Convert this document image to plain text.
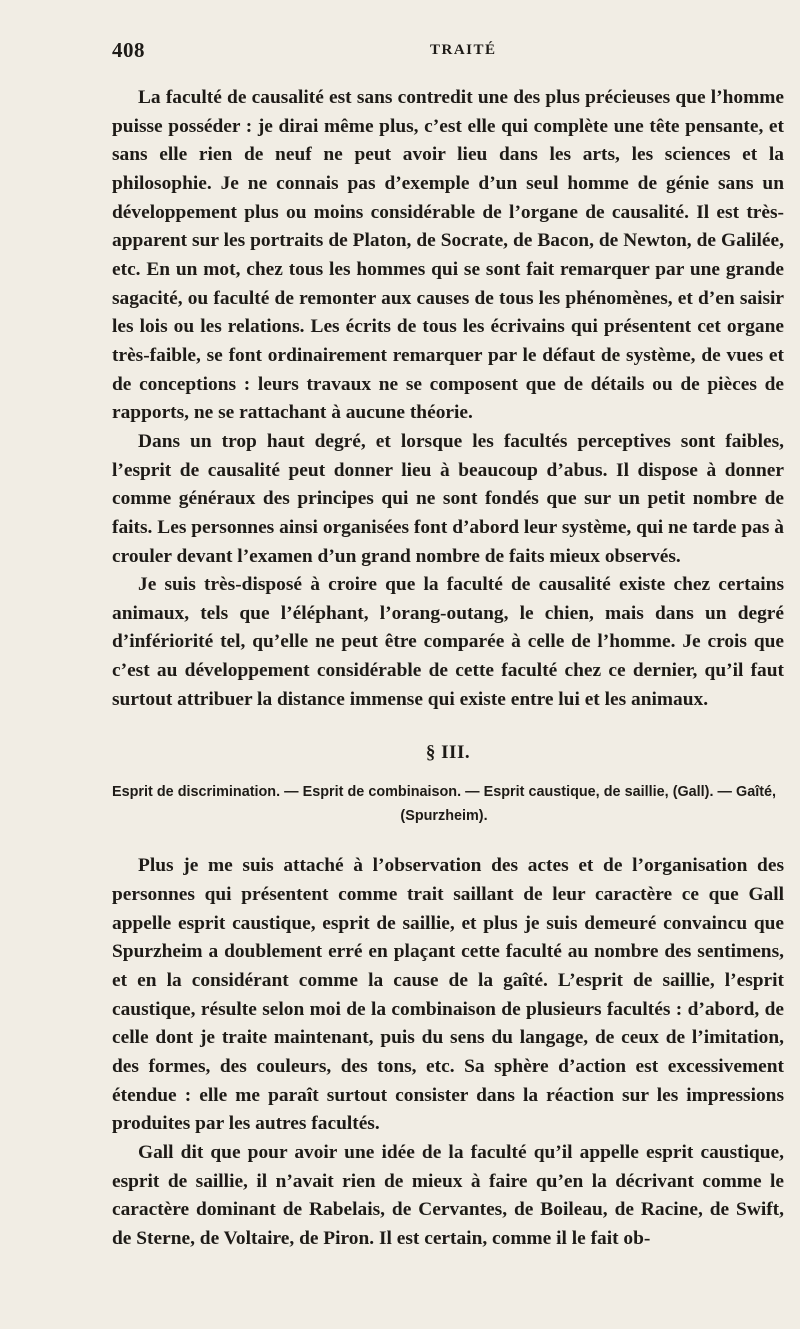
408	TRAITÉ

La faculté de causalité est sans contredit une des plus précieuses que l’homme puisse posséder : je dirai même plus, c’est elle qui complète une tête pensante, et sans elle rien de neuf ne peut avoir lieu dans les arts, les sciences et la philosophie. Je ne connais pas d’exemple d’un seul homme de génie sans un développement plus ou moins considérable de l’organe de causalité. Il est très-apparent sur les portraits de Platon, de Socrate, de Bacon, de Newton, de Galilée, etc. En un mot, chez tous les hommes qui se sont fait remarquer par une grande sagacité, ou faculté de remonter aux causes de tous les phénomènes, et d’en saisir les lois ou les relations. Les écrits de tous les écrivains qui présentent cet organe très-faible, se font ordinairement remarquer par le défaut de système, de vues et de conceptions : leurs travaux ne se composent que de détails ou de pièces de rapports, ne se rattachant à aucune théorie.

Dans un trop haut degré, et lorsque les facultés perceptives sont faibles, l’esprit de causalité peut donner lieu à beaucoup d’abus. Il dispose à donner comme généraux des principes qui ne sont fondés que sur un petit nombre de faits. Les personnes ainsi organisées font d’abord leur système, qui ne tarde pas à crouler devant l’examen d’un grand nombre de faits mieux observés.

Je suis très-disposé à croire que la faculté de causalité existe chez certains animaux, tels que l’éléphant, l’orang-outang, le chien, mais dans un degré d’infériorité tel, qu’elle ne peut être comparée à celle de l’homme. Je crois que c’est au développement considérable de cette faculté chez ce dernier, qu’il faut surtout attribuer la distance immense qui existe entre lui et les animaux.

§ III.
Esprit de discrimination. — Esprit de combinaison. — Esprit caustique, de saillie, (Gall). — Gaîté, (Spurzheim).

Plus je me suis attaché à l’observation des actes et de l’organisation des personnes qui présentent comme trait saillant de leur caractère ce que Gall appelle esprit caustique, esprit de saillie, et plus je suis demeuré convaincu que Spurzheim a doublement erré en plaçant cette faculté au nombre des sentimens, et en la considérant comme la cause de la gaîté. L’esprit de saillie, l’esprit caustique, résulte selon moi de la combinaison de plusieurs facultés : d’abord, de celle dont je traite maintenant, puis du sens du langage, de ceux de l’imitation, des formes, des couleurs, des tons, etc. Sa sphère d’action est excessivement étendue : elle me paraît surtout consister dans la réaction sur les impressions produites par les autres facultés.

Gall dit que pour avoir une idée de la faculté qu’il appelle esprit caustique, esprit de saillie, il n’avait rien de mieux à faire qu’en la décrivant comme le caractère dominant de Rabelais, de Cervantes, de Boileau, de Racine, de Swift, de Sterne, de Voltaire, de Piron. Il est certain, comme il le fait ob-
